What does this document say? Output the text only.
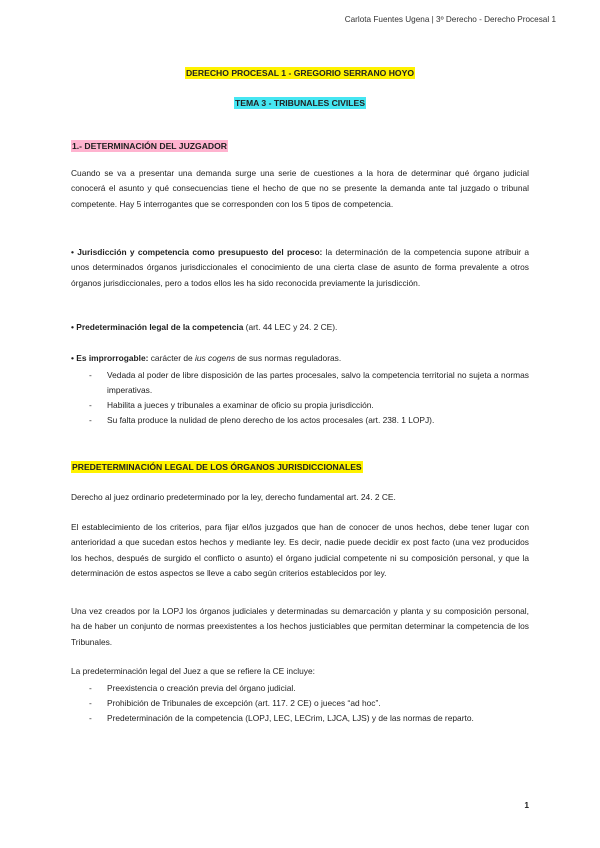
Carlota Fuentes Ugena | 3º Derecho - Derecho Procesal 1
DERECHO PROCESAL 1 - GREGORIO SERRANO HOYO
TEMA 3 - TRIBUNALES CIVILES
1.- DETERMINACIÓN DEL JUZGADOR

Cuando se va a presentar una demanda surge una serie de cuestiones a la hora de determinar qué órgano judicial conocerá el asunto y qué consecuencias tiene el hecho de que no se presente la demanda ante tal juzgado o tribunal competente. Hay 5 interrogantes que se corresponden con los 5 tipos de competencia.

• Jurisdicción y competencia como presupuesto del proceso: la determinación de la competencia supone atribuir a unos determinados órganos jurisdiccionales el conocimiento de una cierta clase de asunto de forma prevalente a otros órganos jurisdiccionales, pero a todos ellos les ha sido reconocida previamente la jurisdicción.

• Predeterminación legal de la competencia (art. 44 LEC y 24. 2 CE).

• Es improrrogable: carácter de ius cogens de sus normas reguladoras.

- Vedada al poder de libre disposición de las partes procesales, salvo la competencia territorial no sujeta a normas imperativas.
- Habilita a jueces y tribunales a examinar de oficio su propia jurisdicción.
- Su falta produce la nulidad de pleno derecho de los actos procesales (art. 238. 1 LOPJ).
PREDETERMINACIÓN LEGAL DE LOS ÓRGANOS JURISDICCIONALES

Derecho al juez ordinario predeterminado por la ley, derecho fundamental art. 24. 2 CE.

El establecimiento de los criterios, para fijar el/los juzgados que han de conocer de unos hechos, debe tener lugar con anterioridad a que sucedan estos hechos y mediante ley. Es decir, nadie puede decidir ex post facto (una vez producidos los hechos, después de surgido el conflicto o asunto) el órgano judicial competente ni su composición personal, y que la determinación de estos aspectos se lleve a cabo según criterios establecidos por ley.

Una vez creados por la LOPJ los órganos judiciales y determinadas su demarcación y planta y su composición personal, ha de haber un conjunto de normas preexistentes a los hechos justiciables que permitan determinar la competencia de los Tribunales.

La predeterminación legal del Juez a que se refiere la CE incluye:

- Preexistencia o creación previa del órgano judicial.
- Prohibición de Tribunales de excepción (art. 117. 2 CE) o jueces “ad hoc”.
- Predeterminación de la competencia (LOPJ, LEC, LECrim, LJCA, LJS) y de las normas de reparto.
1
